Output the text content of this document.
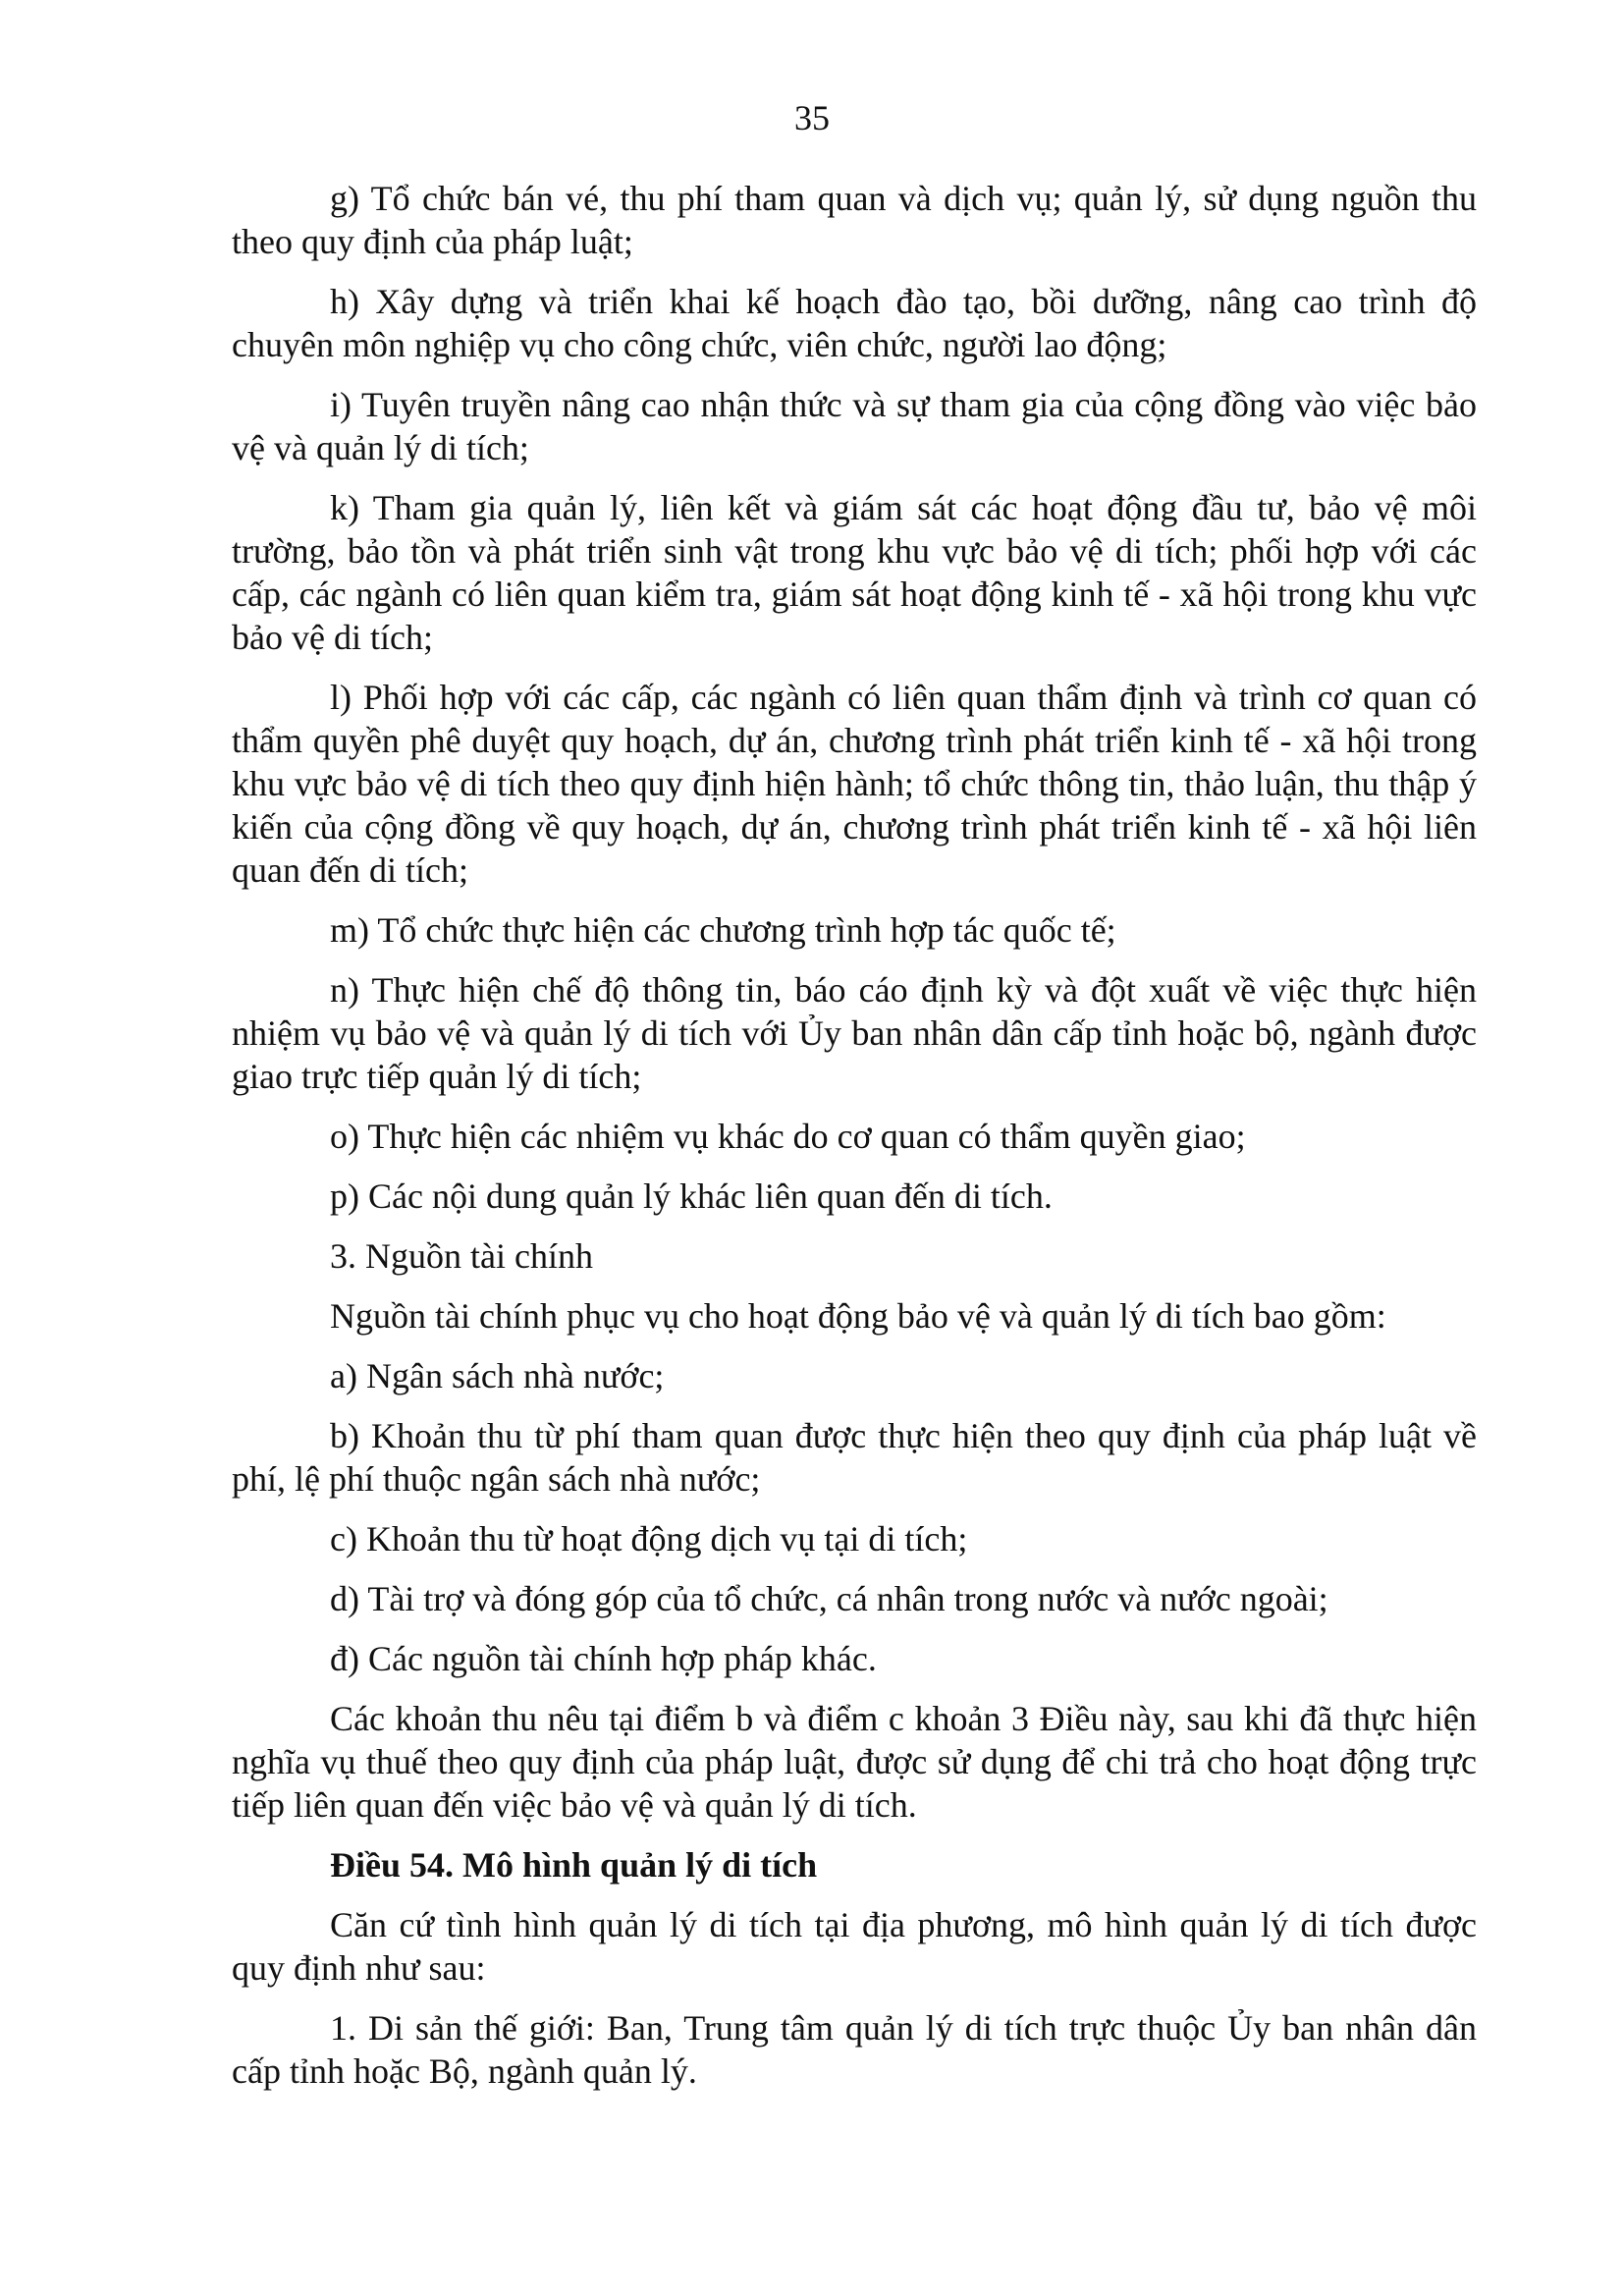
35

g) Tổ chức bán vé, thu phí tham quan và dịch vụ; quản lý, sử dụng nguồn thu theo quy định của pháp luật;

h) Xây dựng và triển khai kế hoạch đào tạo, bồi dưỡng, nâng cao trình độ chuyên môn nghiệp vụ cho công chức, viên chức, người lao động;

i) Tuyên truyền nâng cao nhận thức và sự tham gia của cộng đồng vào việc bảo vệ và quản lý di tích;

k) Tham gia quản lý, liên kết và giám sát các hoạt động đầu tư, bảo vệ môi trường, bảo tồn và phát triển sinh vật trong khu vực bảo vệ di tích; phối hợp với các cấp, các ngành có liên quan kiểm tra, giám sát hoạt động kinh tế - xã hội trong khu vực bảo vệ di tích;

l) Phối hợp với các cấp, các ngành có liên quan thẩm định và trình cơ quan có thẩm quyền phê duyệt quy hoạch, dự án, chương trình phát triển kinh tế - xã hội trong khu vực bảo vệ di tích theo quy định hiện hành; tổ chức thông tin, thảo luận, thu thập ý kiến của cộng đồng về quy hoạch, dự án, chương trình phát triển kinh tế - xã hội liên quan đến di tích;

m) Tổ chức thực hiện các chương trình hợp tác quốc tế;

n) Thực hiện chế độ thông tin, báo cáo định kỳ và đột xuất về việc thực hiện nhiệm vụ bảo vệ và quản lý di tích với Ủy ban nhân dân cấp tỉnh hoặc bộ, ngành được giao trực tiếp quản lý di tích;

o) Thực hiện các nhiệm vụ khác do cơ quan có thẩm quyền giao;

p) Các nội dung quản lý khác liên quan đến di tích.

3. Nguồn tài chính

Nguồn tài chính phục vụ cho hoạt động bảo vệ và quản lý di tích bao gồm:

a) Ngân sách nhà nước;

b) Khoản thu từ phí tham quan được thực hiện theo quy định của pháp luật về phí, lệ phí thuộc ngân sách nhà nước;

c) Khoản thu từ hoạt động dịch vụ tại di tích;

d) Tài trợ và đóng góp của tổ chức, cá nhân trong nước và nước ngoài;

đ) Các nguồn tài chính hợp pháp khác.

Các khoản thu nêu tại điểm b và điểm c khoản 3 Điều này, sau khi đã thực hiện nghĩa vụ thuế theo quy định của pháp luật, được sử dụng để chi trả cho hoạt động trực tiếp liên quan đến việc bảo vệ và quản lý di tích.

Điều 54. Mô hình quản lý di tích

Căn cứ tình hình quản lý di tích tại địa phương, mô hình quản lý di tích được quy định như sau:

1. Di sản thế giới: Ban, Trung tâm quản lý di tích trực thuộc Ủy ban nhân dân cấp tỉnh hoặc Bộ, ngành quản lý.
